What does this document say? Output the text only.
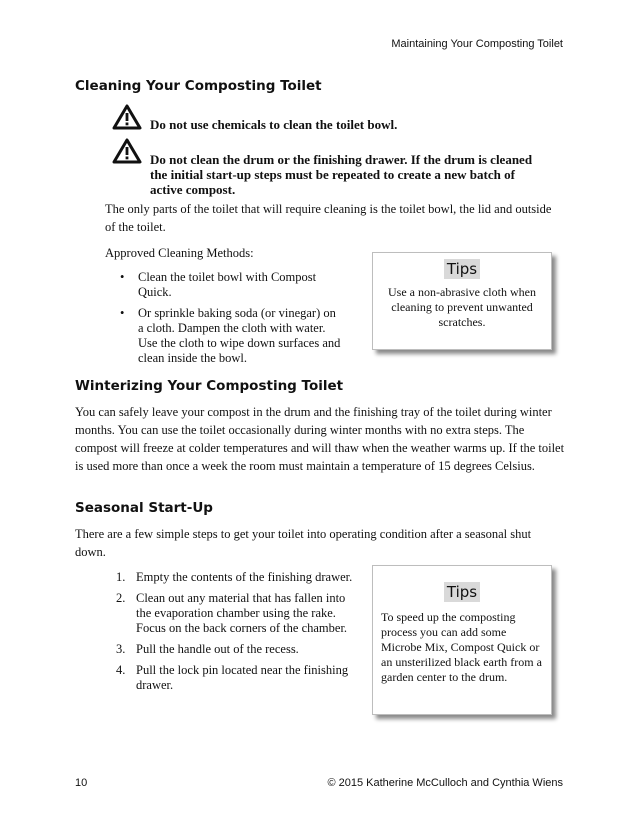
Maintaining Your Composting Toilet
Cleaning Your Composting Toilet
Do not use chemicals to clean the toilet bowl.
Do not clean the drum or the finishing drawer. If the drum is cleaned the initial start-up steps must be repeated to create a new batch of active compost.
The only parts of the toilet that will require cleaning is the toilet bowl, the lid and outside of the toilet.
Approved Cleaning Methods:
• Clean the toilet bowl with Compost Quick.
• Or sprinkle baking soda (or vinegar) on a cloth. Dampen the cloth with water. Use the cloth to wipe down surfaces and clean inside the bowl.
Tips
Use a non-abrasive cloth when cleaning to prevent unwanted scratches.
Winterizing Your Composting Toilet
You can safely leave your compost in the drum and the finishing tray of the toilet during winter months. You can use the toilet occasionally during winter months with no extra steps. The compost will freeze at colder temperatures and will thaw when the weather warms up. If the toilet is used more than once a week the room must maintain a temperature of 15 degrees Celsius.
Seasonal Start-Up
There are a few simple steps to get your toilet into operating condition after a seasonal shut down.
1. Empty the contents of the finishing drawer.
2. Clean out any material that has fallen into the evaporation chamber using the rake. Focus on the back corners of the chamber.
3. Pull the handle out of the recess.
4. Pull the lock pin located near the finishing drawer.
Tips
To speed up the composting process you can add some Microbe Mix, Compost Quick or an unsterilized black earth from a garden center to the drum.
10	© 2015 Katherine McCulloch and Cynthia Wiens
